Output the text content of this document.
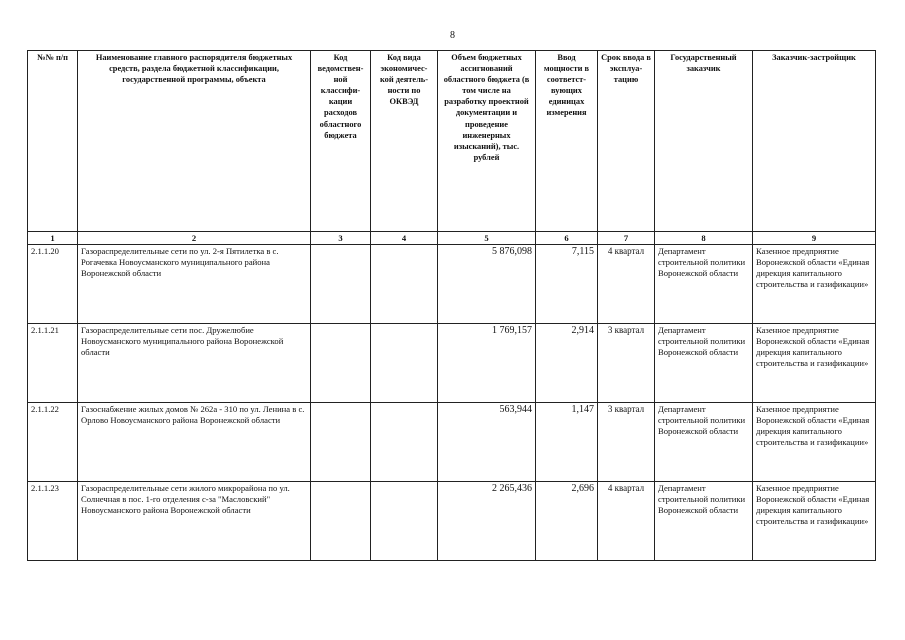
8
№№ п/п	Наименование главного распорядителя бюджетных средств, раздела бюджетной классификации, государственной программы, объекта	Код ведомствен-ной классифи-кации расходов областного бюджета	Код вида экономичес-кой деятель-ности по ОКВЭД	Объем бюджетных ассигнований областного бюджета (в том числе на разработку проектной документации и проведение инженерных изысканий), тыс. рублей	Ввод мощности в соответст-вующих единицах измерения	Срок ввода в эксплуа-тацию	Государственный заказчик	Заказчик-застройщик
1	2	3	4	5	6	7	8	9
2.1.1.20	Газораспределительные сети по ул. 2-я Пятилетка в с. Рогачевка Новоусманского муниципального района Воронежской области			5 876,098	7,115	4 квартал	Департамент строительной политики Воронежской области	Казенное предприятие Воронежской области «Единая дирекция капитального строительства и газификации»
2.1.1.21	Газораспределительные сети пос. Дружелюбие Новоусманского муниципального района Воронежской области			1 769,157	2,914	3 квартал	Департамент строительной политики Воронежской области	Казенное предприятие Воронежской области «Единая дирекция капитального строительства и газификации»
2.1.1.22	Газоснабжение жилых домов № 262а - 310 по ул. Ленина в с. Орлово Новоусманского района Воронежской области			563,944	1,147	3 квартал	Департамент строительной политики Воронежской области	Казенное предприятие Воронежской области «Единая дирекция капитального строительства и газификации»
2.1.1.23	Газораспределительные сети жилого микрорайона по ул. Солнечная в пос. 1-го отделения с-за "Масловский" Новоусманского района Воронежской области			2 265,436	2,696	4 квартал	Департамент строительной политики Воронежской области	Казенное предприятие Воронежской области «Единая дирекция капитального строительства и газификации»
